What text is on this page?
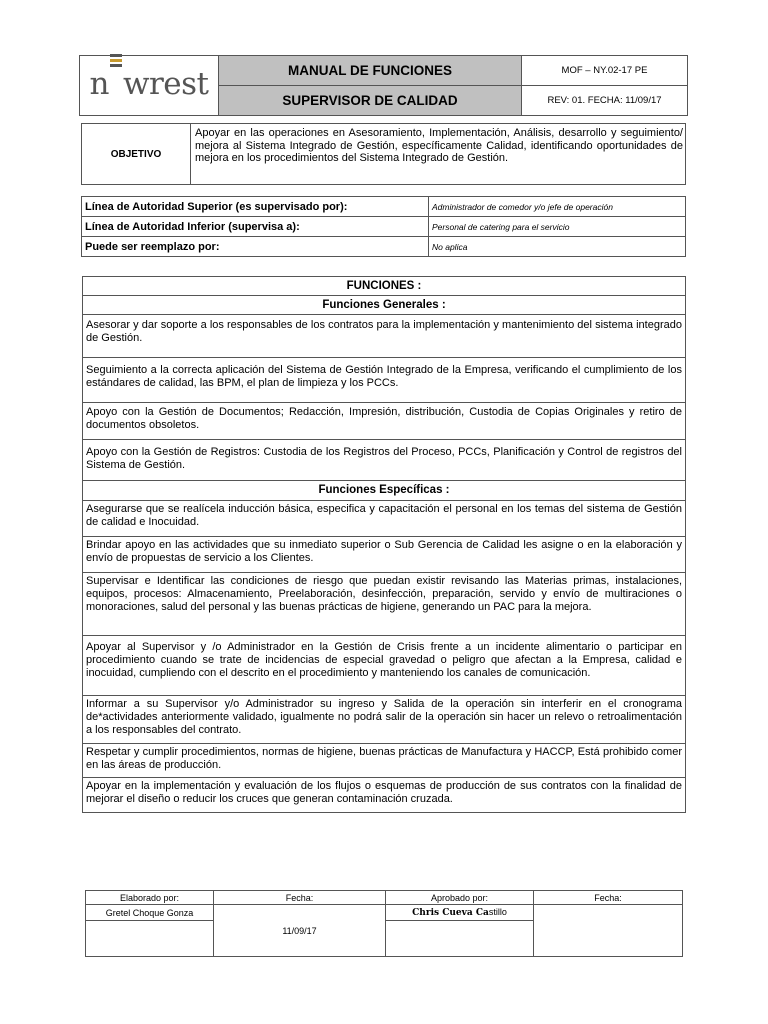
n wrest	MANUAL DE FUNCIONES	MOF – NY.02-17 PE
	SUPERVISOR DE CALIDAD	REV: 01. FECHA: 11/09/17
OBJETIVO	Apoyar en las operaciones en Asesoramiento, Implementación, Análisis, desarrollo y seguimiento/ mejora al Sistema Integrado de Gestión, específicamente Calidad, identificando oportunidades de mejora en los procedimientos del Sistema Integrado de Gestión.
Línea de Autoridad Superior (es supervisado por):	Administrador de comedor y/o jefe de operación
Línea de Autoridad Inferior (supervisa a):	Personal de catering para el servicio
Puede ser reemplazo por:	No aplica
FUNCIONES :
Funciones Generales :
Asesorar y dar soporte a los responsables de los contratos para la implementación y mantenimiento del sistema integrado de Gestión.
Seguimiento a la correcta aplicación del Sistema de Gestión Integrado de la Empresa, verificando el cumplimiento de los estándares de calidad, las BPM, el plan de limpieza y los PCCs.
Apoyo con la Gestión de Documentos; Redacción, Impresión, distribución, Custodia de Copias Originales y retiro de documentos obsoletos.
Apoyo con la Gestión de Registros: Custodia de los Registros del Proceso, PCCs, Planificación y Control de registros del Sistema de Gestión.
Funciones Específicas :
Asegurarse que se realícela inducción básica, especifica y capacitación el personal en los temas del sistema de Gestión de calidad e Inocuidad.
Brindar apoyo en las actividades que su inmediato superior o Sub Gerencia de Calidad les asigne o en la elaboración y envío de propuestas de servicio a los Clientes.
Supervisar e Identificar las condiciones de riesgo que puedan existir revisando las Materias primas, instalaciones, equipos, procesos: Almacenamiento, Preelaboración, desinfección, preparación, servido y envío de multiraciones o monoraciones, salud del personal y las buenas prácticas de higiene, generando un PAC para la mejora.
Apoyar al Supervisor y /o Administrador en la Gestión de Crisis frente a un incidente alimentario o participar en procedimiento cuando se trate de incidencias de especial gravedad o peligro que afectan a la Empresa, calidad e inocuidad, cumpliendo con el descrito en el procedimiento y manteniendo los canales de comunicación.
Informar a su Supervisor y/o Administrador su ingreso y Salida de la operación sin interferir en el cronograma de*actividades anteriormente validado, igualmente no podrá salir de la operación sin hacer un relevo o retroalimentación a los responsables del contrato.
Respetar y cumplir procedimientos, normas de higiene, buenas prácticas de Manufactura y HACCP, Está prohibido comer en las áreas de producción.
Apoyar en la implementación y evaluación de los flujos o esquemas de producción de sus contratos con la finalidad de mejorar el diseño o reducir los cruces que generan contaminación cruzada.
Elaborado por:	Fecha:	Aprobado por:	Fecha:
Gretel Choque Gonza	11/09/17	Chris Cueva Castillo	
